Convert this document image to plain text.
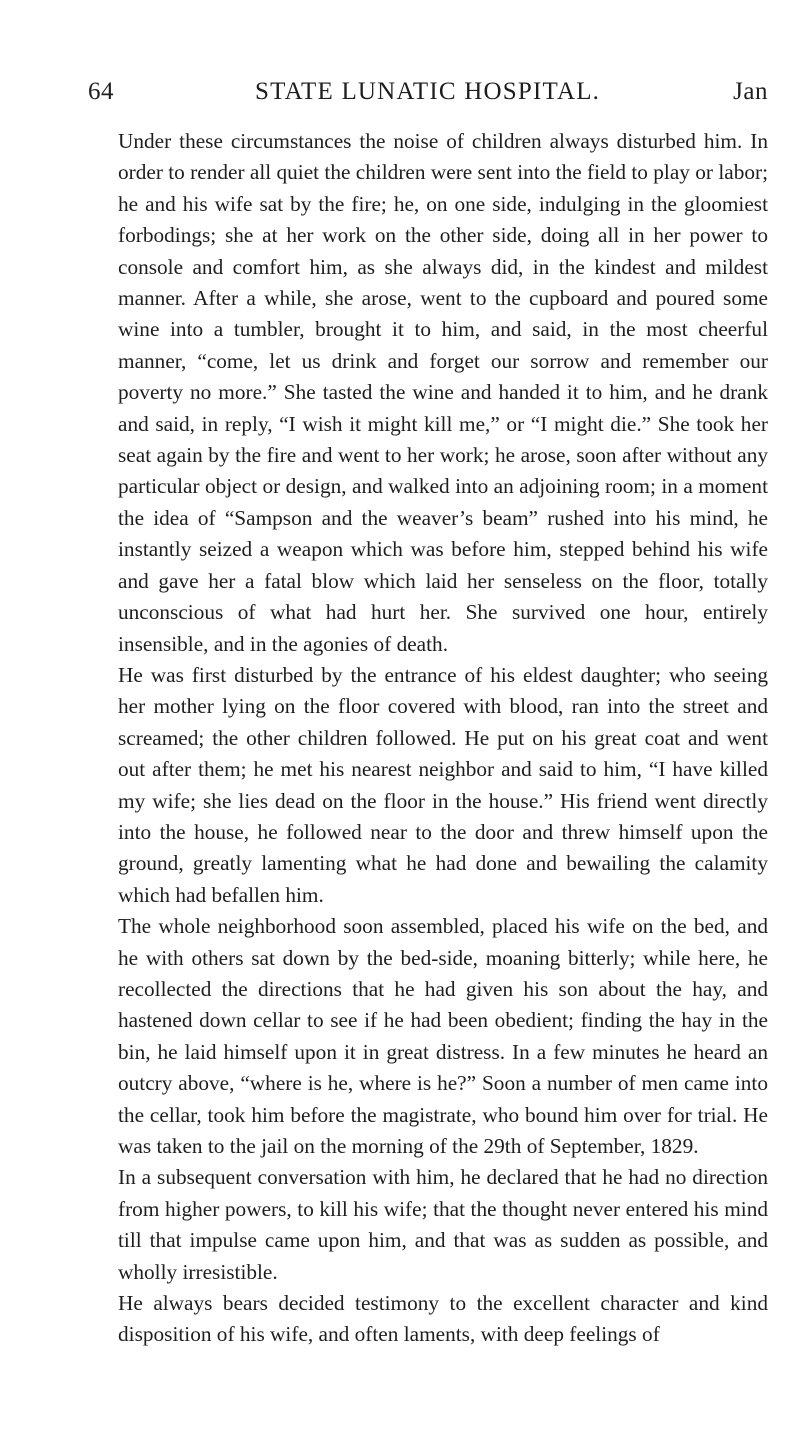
64	STATE LUNATIC HOSPITAL.	Jan

Under these circumstances the noise of children always disturbed him. In order to render all quiet the children were sent into the field to play or labor; he and his wife sat by the fire; he, on one side, indulging in the gloomiest forbodings; she at her work on the other side, doing all in her power to console and comfort him, as she always did, in the kindest and mildest manner. After a while, she arose, went to the cupboard and poured some wine into a tumbler, brought it to him, and said, in the most cheerful manner, “come, let us drink and forget our sorrow and remember our poverty no more.” She tasted the wine and handed it to him, and he drank and said, in reply, “I wish it might kill me,” or “I might die.” She took her seat again by the fire and went to her work; he arose, soon after without any particular object or design, and walked into an adjoining room; in a moment the idea of “Sampson and the weaver’s beam” rushed into his mind, he instantly seized a weapon which was before him, stepped behind his wife and gave her a fatal blow which laid her senseless on the floor, totally unconscious of what had hurt her. She survived one hour, entirely insensible, and in the agonies of death.

He was first disturbed by the entrance of his eldest daughter; who seeing her mother lying on the floor covered with blood, ran into the street and screamed; the other children followed. He put on his great coat and went out after them; he met his nearest neighbor and said to him, “I have killed my wife; she lies dead on the floor in the house.” His friend went directly into the house, he followed near to the door and threw himself upon the ground, greatly lamenting what he had done and bewailing the calamity which had befallen him.

The whole neighborhood soon assembled, placed his wife on the bed, and he with others sat down by the bed-side, moaning bitterly; while here, he recollected the directions that he had given his son about the hay, and hastened down cellar to see if he had been obedient; finding the hay in the bin, he laid himself upon it in great distress. In a few minutes he heard an outcry above, “where is he, where is he?” Soon a number of men came into the cellar, took him before the magistrate, who bound him over for trial. He was taken to the jail on the morning of the 29th of September, 1829.

In a subsequent conversation with him, he declared that he had no direction from higher powers, to kill his wife; that the thought never entered his mind till that impulse came upon him, and that was as sudden as possible, and wholly irresistible.

He always bears decided testimony to the excellent character and kind disposition of his wife, and often laments, with deep feelings of
